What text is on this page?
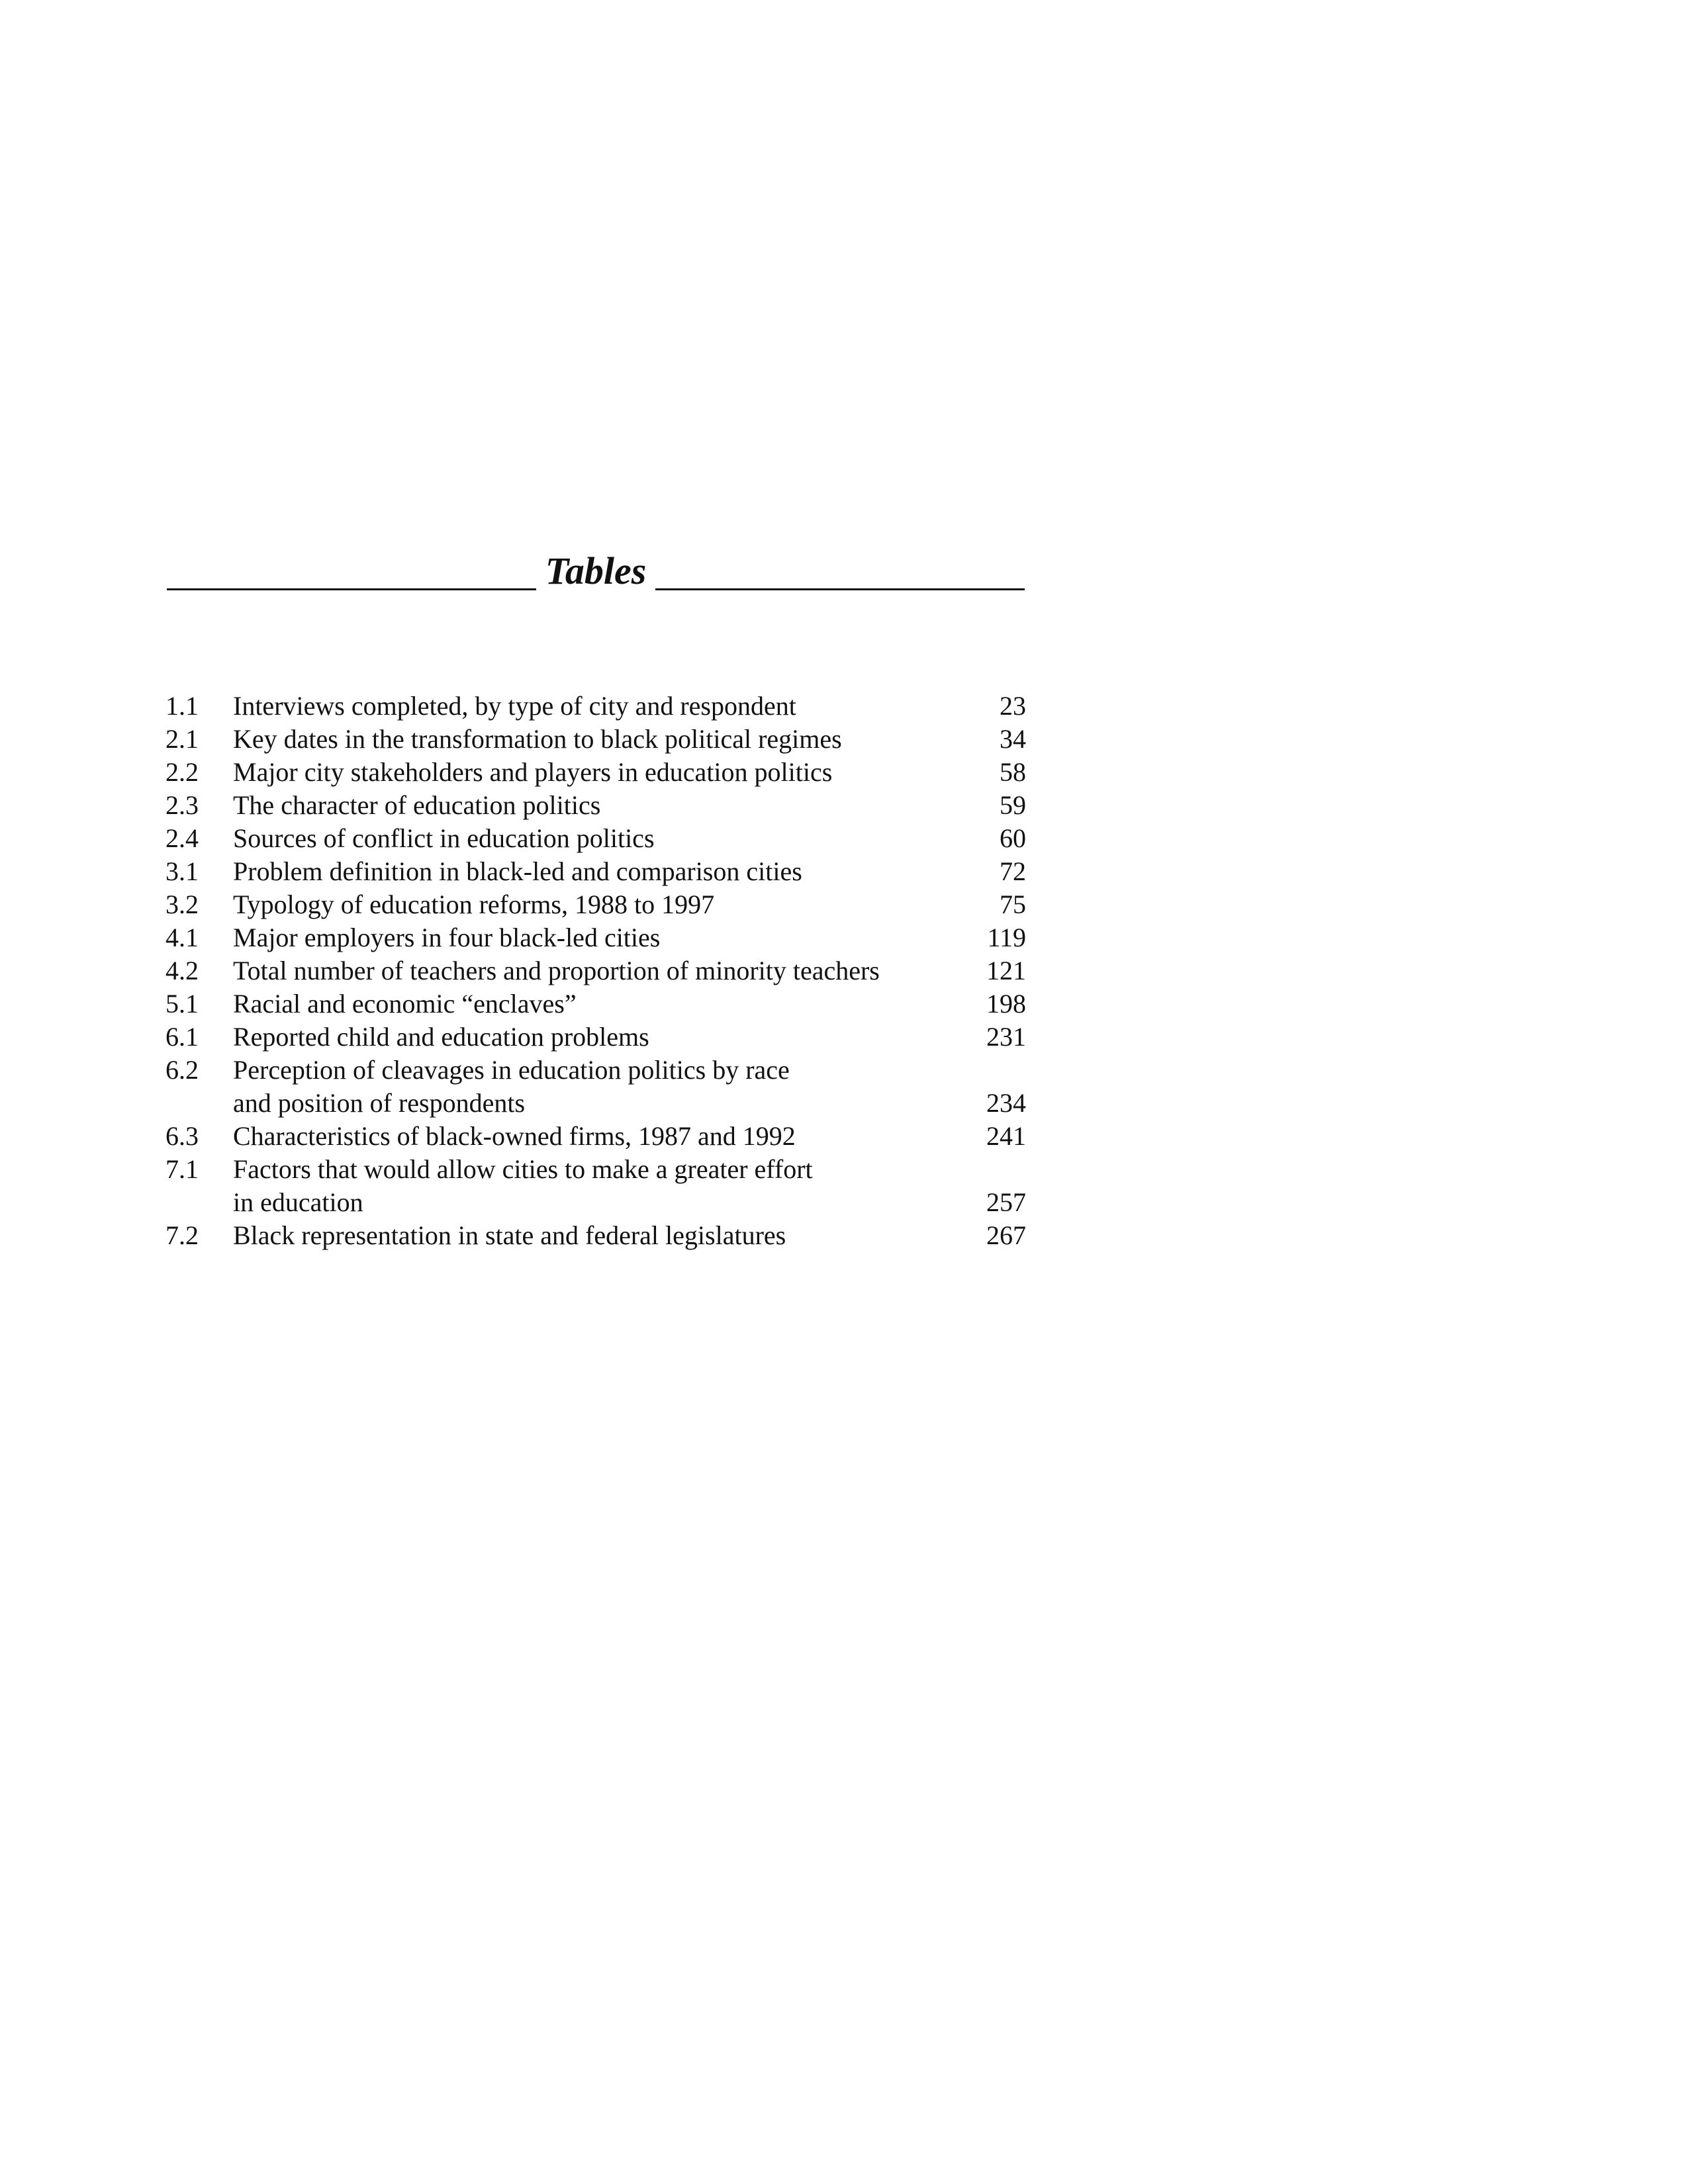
Tables
1.1	Interviews completed, by type of city and respondent	23
2.1	Key dates in the transformation to black political regimes	34
2.2	Major city stakeholders and players in education politics	58
2.3	The character of education politics	59
2.4	Sources of conflict in education politics	60
3.1	Problem definition in black-led and comparison cities	72
3.2	Typology of education reforms, 1988 to 1997	75
4.1	Major employers in four black-led cities	119
4.2	Total number of teachers and proportion of minority teachers	121
5.1	Racial and economic “enclaves”	198
6.1	Reported child and education problems	231
6.2	Perception of cleavages in education politics by race
and position of respondents	234
6.3	Characteristics of black-owned firms, 1987 and 1992	241
7.1	Factors that would allow cities to make a greater effort
in education	257
7.2	Black representation in state and federal legislatures	267
